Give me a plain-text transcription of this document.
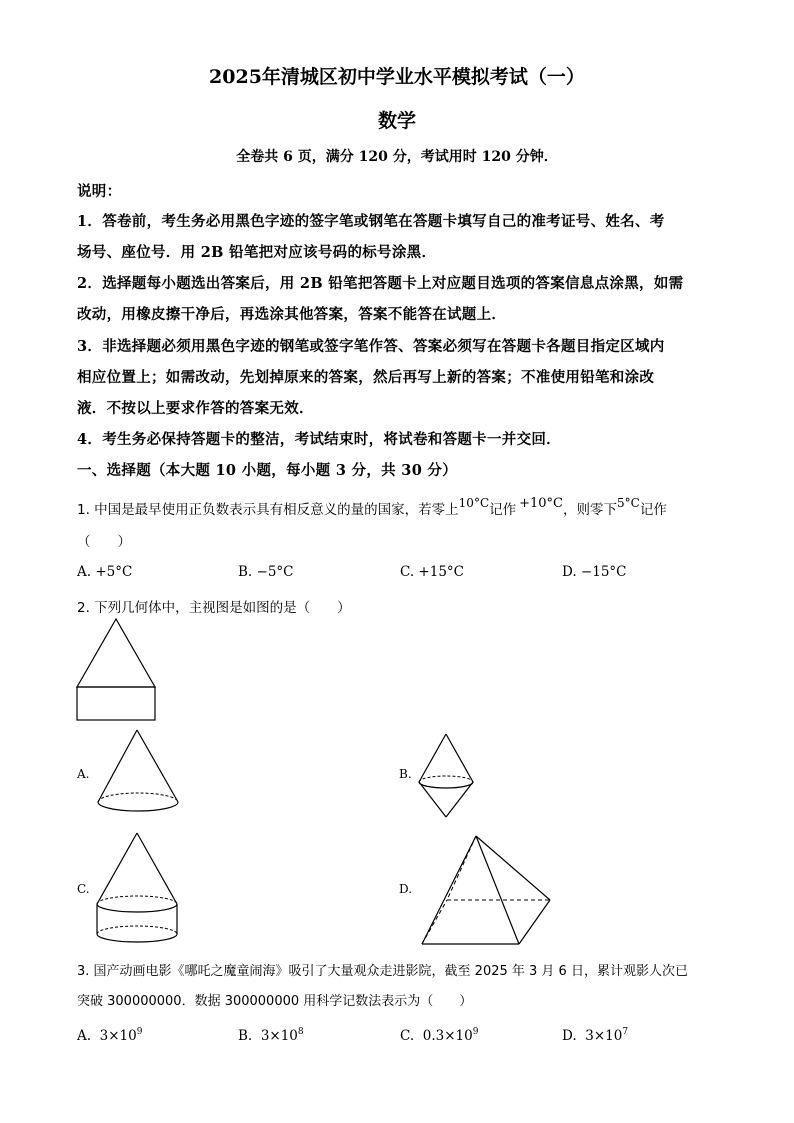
2025年清城区初中学业水平模拟考试（一）
数学
全卷共 6 页，满分 120 分，考试用时 120 分钟．
说明：
1．答卷前，考生务必用黑色字迹的签字笔或钢笔在答题卡填写自己的准考证号、姓名、考
场号、座位号．用 2B 铅笔把对应该号码的标号涂黑．
2．选择题每小题选出答案后，用 2B 铅笔把答题卡上对应题目选项的答案信息点涂黑，如需
改动，用橡皮擦干净后，再选涂其他答案，答案不能答在试题上．
3．非选择题必须用黑色字迹的钢笔或签字笔作答、答案必须写在答题卡各题目指定区域内
相应位置上；如需改动，先划掉原来的答案，然后再写上新的答案；不准使用铅笔和涂改
液．不按以上要求作答的答案无效．
4．考生务必保持答题卡的整洁，考试结束时，将试卷和答题卡一并交回．
一、选择题（本大题 10 小题，每小题 3 分，共 30 分）
1. 中国是最早使用正负数表示具有相反意义的量的国家，若零上10°C记作 +10°C，则零下5°C记作
（　　）
A. +5°C	B. −5°C	C. +15°C	D. −15°C
2. 下列几何体中，主视图是如图的是（　　）
A.	B.
C.	D.
3. 国产动画电影《哪吒之魔童闹海》吸引了大量观众走进影院，截至 2025 年 3 月 6 日，累计观影人次已
突破 300000000．数据 300000000 用科学记数法表示为（　　）
A. $3\times 10^9$	B. $3\times 10^8$	C. $0.3\times 10^9$	D. $3\times 10^7$
